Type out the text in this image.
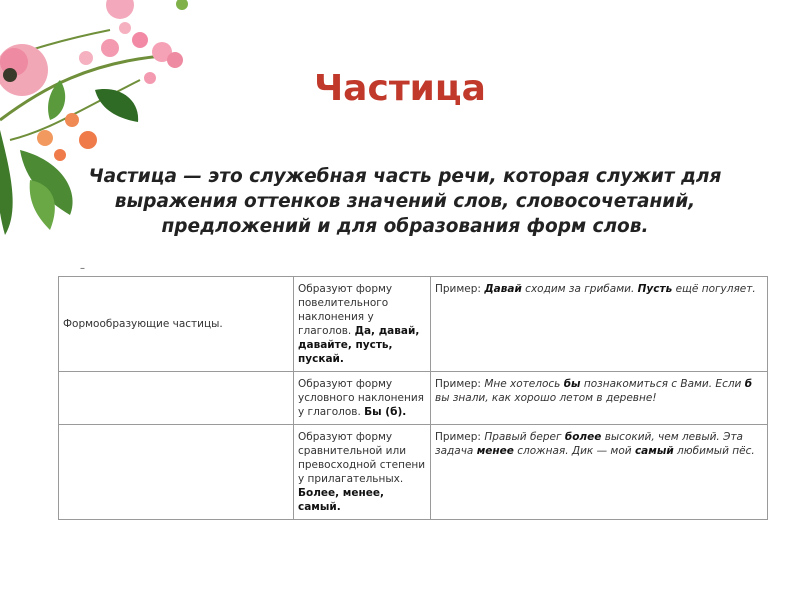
Частица
Частица — это служебная часть речи, которая служит для выражения оттенков значений слов, словосочетаний, предложений и для образования форм слов.
–
Формообразующие частицы.	Образуют форму повелительного наклонения у глаголов. Да, давай, давайте, пусть, пускай.	Пример: Давай сходим за грибами. Пусть ещё погуляет.
	Образуют форму условного наклонения у глаголов. Бы (б).	Пример: Мне хотелось бы познакомиться с Вами. Если б вы знали, как хорошо летом в деревне!
	Образуют форму сравнительной или превосходной степени у прилагательных. Более, менее, самый.	Пример: Правый берег более высокий, чем левый. Эта задача менее сложная. Дик — мой самый любимый пёс.
